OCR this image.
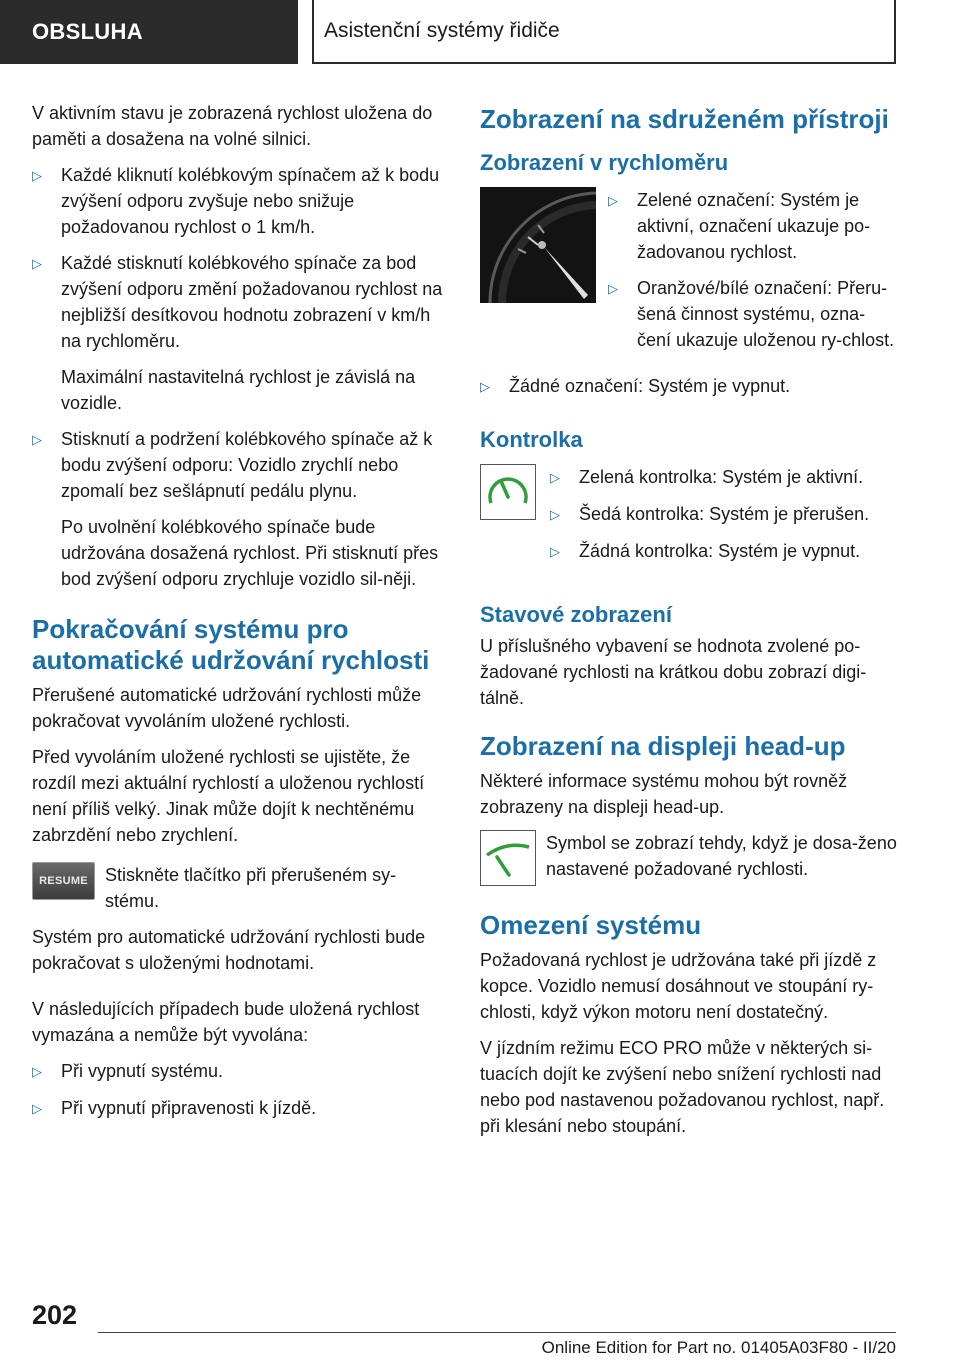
OBSLUHA	Asistenční systémy řidiče

V aktivním stavu je zobrazená rychlost uložena do paměti a dosažena na volné silnici.

▷	Každé kliknutí kolébkovým spínačem až k bodu zvýšení odporu zvyšuje nebo snižuje požadovanou rychlost o 1 km/h.
▷	Každé stisknutí kolébkového spínače za bod zvýšení odporu změní požadovanou rychlost na nejbližší desítkovou hodnotu zobrazení v km/h na rychloměru.

Maximální nastavitelná rychlost je závislá na vozidle.

▷	Stisknutí a podržení kolébkového spínače až k bodu zvýšení odporu: Vozidlo zrychlí nebo zpomalí bez sešlápnutí pedálu plynu.

Po uvolnění kolébkového spínače bude udržována dosažená rychlost. Při stisknutí přes bod zvýšení odporu zrychluje vozidlo sil-něji.

Pokračování systému pro automatické udržování rychlosti

Přerušené automatické udržování rychlosti může pokračovat vyvoláním uložené rychlosti.

Před vyvoláním uložené rychlosti se ujistěte, že rozdíl mezi aktuální rychlostí a uloženou rychlostí není příliš velký. Jinak může dojít k nechtěnému zabrzdění nebo zrychlení.

RESUME Stiskněte tlačítko při přerušeném sy-stému.

Systém pro automatické udržování rychlosti bude pokračovat s uloženými hodnotami.

V následujících případech bude uložená rychlost vymazána a nemůže být vyvolána:

▷	Při vypnutí systému.
▷	Při vypnutí připravenosti k jízdě.
Zobrazení na sdruženém přístroji
Zobrazení v rychloměru
▷	Zelené označení: Systém je aktivní, označení ukazuje po-žadovanou rychlost.
▷	Oranžové/bílé označení: Přeru-šená činnost systému, ozna-čení ukazuje uloženou ry-chlost.
▷	Žádné označení: Systém je vypnut.
Kontrolka
▷	Zelená kontrolka: Systém je aktivní.
▷	Šedá kontrolka: Systém je přerušen.
▷	Žádná kontrolka: Systém je vypnut.
Stavové zobrazení

U příslušného vybavení se hodnota zvolené po-žadované rychlosti na krátkou dobu zobrazí digi-tálně.

Zobrazení na displeji head-up

Některé informace systému mohou být rovněž zobrazeny na displeji head-up.

Symbol se zobrazí tehdy, když je dosa-ženo nastavené požadované rychlosti.

Omezení systému

Požadovaná rychlost je udržována také při jízdě z kopce. Vozidlo nemusí dosáhnout ve stoupání ry-chlosti, když výkon motoru není dostatečný.

V jízdním režimu ECO PRO může v některých si-tuacích dojít ke zvýšení nebo snížení rychlosti nad nebo pod nastavenou požadovanou rychlost, např. při klesání nebo stoupání.

202
Online Edition for Part no. 01405A03F80 - II/20
